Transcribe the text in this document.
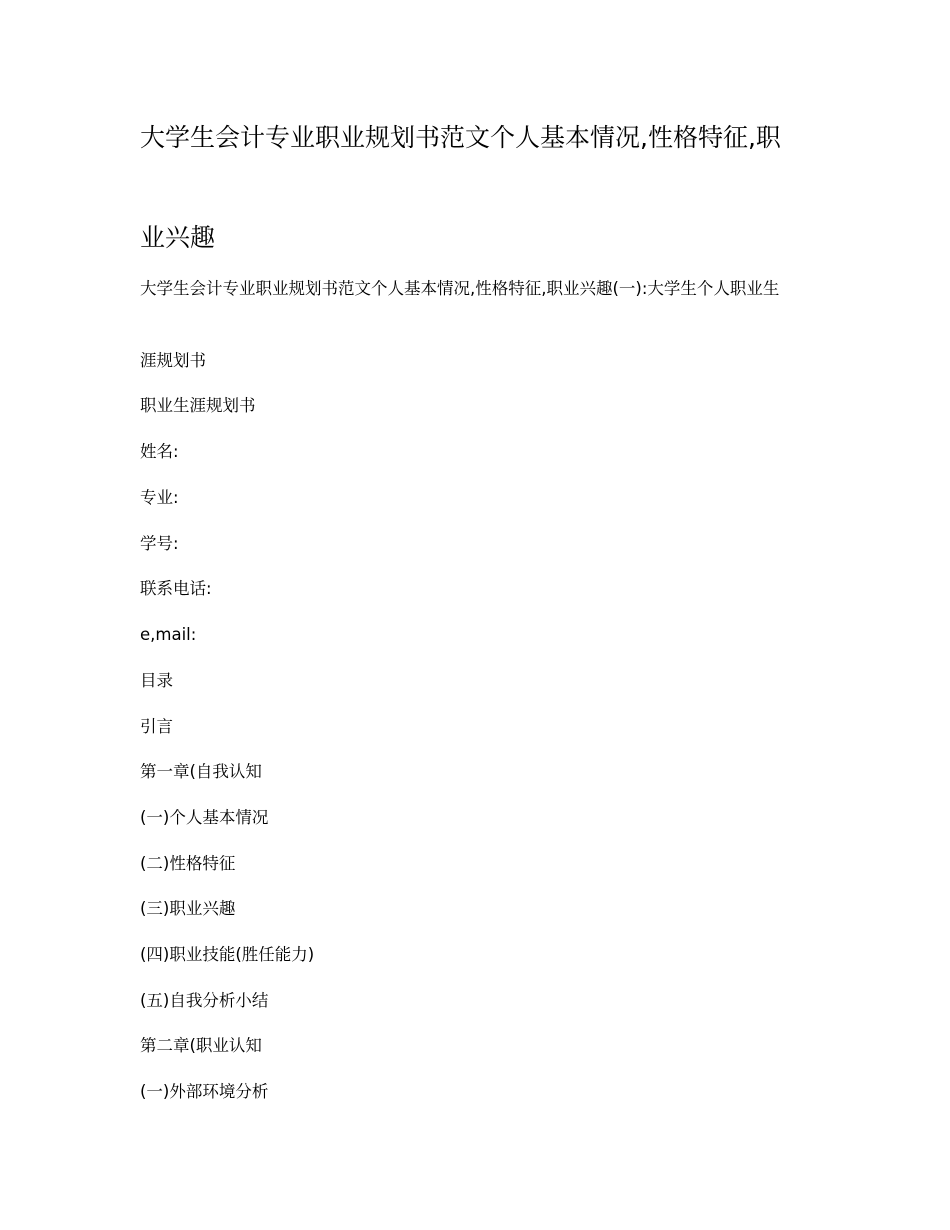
大学生会计专业职业规划书范文个人基本情况,性格特征,职
业兴趣

大学生会计专业职业规划书范文个人基本情况,性格特征,职业兴趣(一):大学生个人职业生

涯规划书

职业生涯规划书

姓名:

专业:

学号:

联系电话:

e,mail:

目录

引言

第一章(自我认知

(一)个人基本情况

(二)性格特征

(三)职业兴趣

(四)职业技能(胜任能力)

(五)自我分析小结

第二章(职业认知

(一)外部环境分析
